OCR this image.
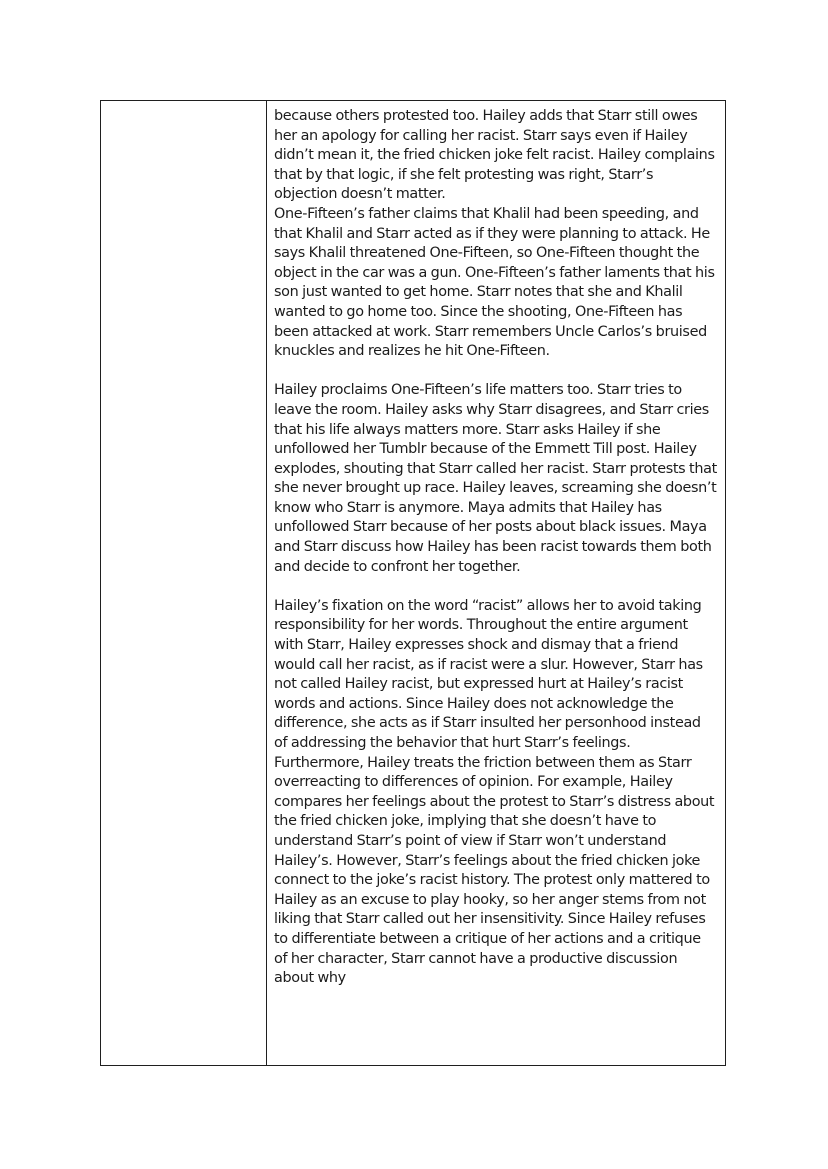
because others protested too. Hailey adds that Starr still owes her an apology for calling her racist. Starr says even if Hailey didn’t mean it, the fried chicken joke felt racist. Hailey complains that by that logic, if she felt protesting was right, Starr’s objection doesn’t matter.

One-Fifteen’s father claims that Khalil had been speeding, and that Khalil and Starr acted as if they were planning to attack. He says Khalil threatened One-Fifteen, so One-Fifteen thought the object in the car was a gun. One-Fifteen’s father laments that his son just wanted to get home. Starr notes that she and Khalil wanted to go home too. Since the shooting, One-Fifteen has been attacked at work. Starr remembers Uncle Carlos’s bruised knuckles and realizes he hit One-Fifteen.

Hailey proclaims One-Fifteen’s life matters too. Starr tries to leave the room. Hailey asks why Starr disagrees, and Starr cries that his life always matters more. Starr asks Hailey if she unfollowed her Tumblr because of the Emmett Till post. Hailey explodes, shouting that Starr called her racist. Starr protests that she never brought up race. Hailey leaves, screaming she doesn’t know who Starr is anymore. Maya admits that Hailey has unfollowed Starr because of her posts about black issues. Maya and Starr discuss how Hailey has been racist towards them both and decide to confront her together.

Hailey’s fixation on the word “racist” allows her to avoid taking responsibility for her words. Throughout the entire argument with Starr, Hailey expresses shock and dismay that a friend would call her racist, as if racist were a slur. However, Starr has not called Hailey racist, but expressed hurt at Hailey’s racist words and actions. Since Hailey does not acknowledge the difference, she acts as if Starr insulted her personhood instead of addressing the behavior that hurt Starr’s feelings. Furthermore, Hailey treats the friction between them as Starr overreacting to differences of opinion. For example, Hailey compares her feelings about the protest to Starr’s distress about the fried chicken joke, implying that she doesn’t have to understand Starr’s point of view if Starr won’t understand Hailey’s. However, Starr’s feelings about the fried chicken joke connect to the joke’s racist history. The protest only mattered to Hailey as an excuse to play hooky, so her anger stems from not liking that Starr called out her insensitivity. Since Hailey refuses to differentiate between a critique of her actions and a critique of her character, Starr cannot have a productive discussion about why
